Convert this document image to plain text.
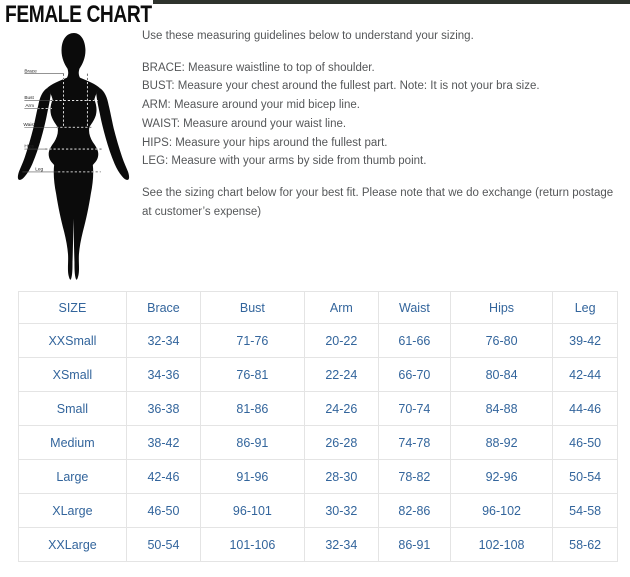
FEMALE CHART
Brace
Bust
Arm
Waist
Hips
Leg

Use these measuring guidelines below to understand your sizing.

BRACE: Measure waistline to top of shoulder.
BUST: Measure your chest around the fullest part. Note: It is not your bra size.
ARM: Measure around your mid bicep line.
WAIST: Measure around your waist line.
HIPS: Measure your hips around the fullest part.
LEG: Measure with your arms by side from thumb point.

See the sizing chart below for your best fit. Please note that we do exchange (return postage at customer’s expense)

SIZE	Brace	Bust	Arm	Waist	Hips	Leg
XXSmall	32-34	71-76	20-22	61-66	76-80	39-42
XSmall	34-36	76-81	22-24	66-70	80-84	42-44
Small	36-38	81-86	24-26	70-74	84-88	44-46
Medium	38-42	86-91	26-28	74-78	88-92	46-50
Large	42-46	91-96	28-30	78-82	92-96	50-54
XLarge	46-50	96-101	30-32	82-86	96-102	54-58
XXLarge	50-54	101-106	32-34	86-91	102-108	58-62
